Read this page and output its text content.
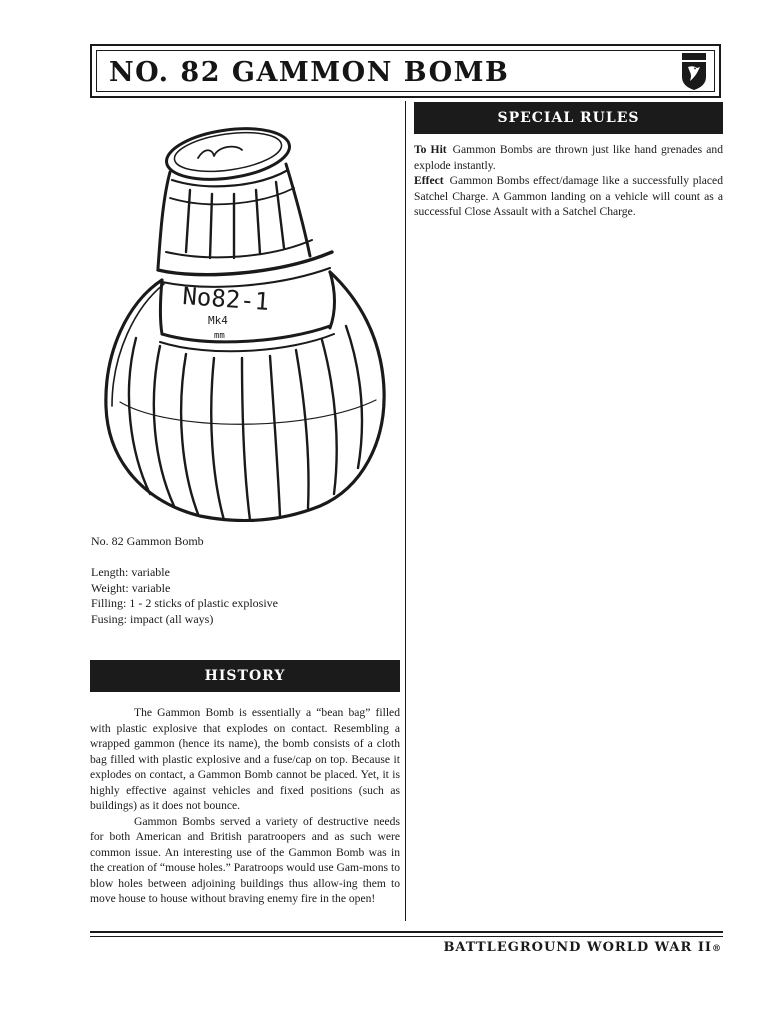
NO. 82 GAMMON BOMB
SPECIAL RULES

To Hit Gammon Bombs are thrown just like hand grenades and explode instantly.

Effect Gammon Bombs effect/damage like a successfully placed Satchel Charge. A Gammon landing on a vehicle will count as a successful Close Assault with a Satchel Charge.

No82-1
Mk4
mm
No. 82 Gammon Bomb
Length: variable
Weight: variable
Filling: 1 - 2 sticks of plastic explosive
Fusing: impact (all ways)
HISTORY

The Gammon Bomb is essentially a “bean bag” filled with plastic explosive that explodes on contact. Resembling a wrapped gammon (hence its name), the bomb consists of a cloth bag filled with plastic explosive and a fuse/cap on top. Because it explodes on contact, a Gammon Bomb cannot be placed. Yet, it is highly effective against vehicles and fixed positions (such as buildings) as it does not bounce.

Gammon Bombs served a variety of destructive needs for both American and British paratroopers and as such were common issue. An interesting use of the Gammon Bomb was in the creation of “mouse holes.” Paratroops would use Gam-mons to blow holes between adjoining buildings thus allow-ing them to move house to house without braving enemy fire in the open!

BATTLEGROUND WORLD WAR II®
